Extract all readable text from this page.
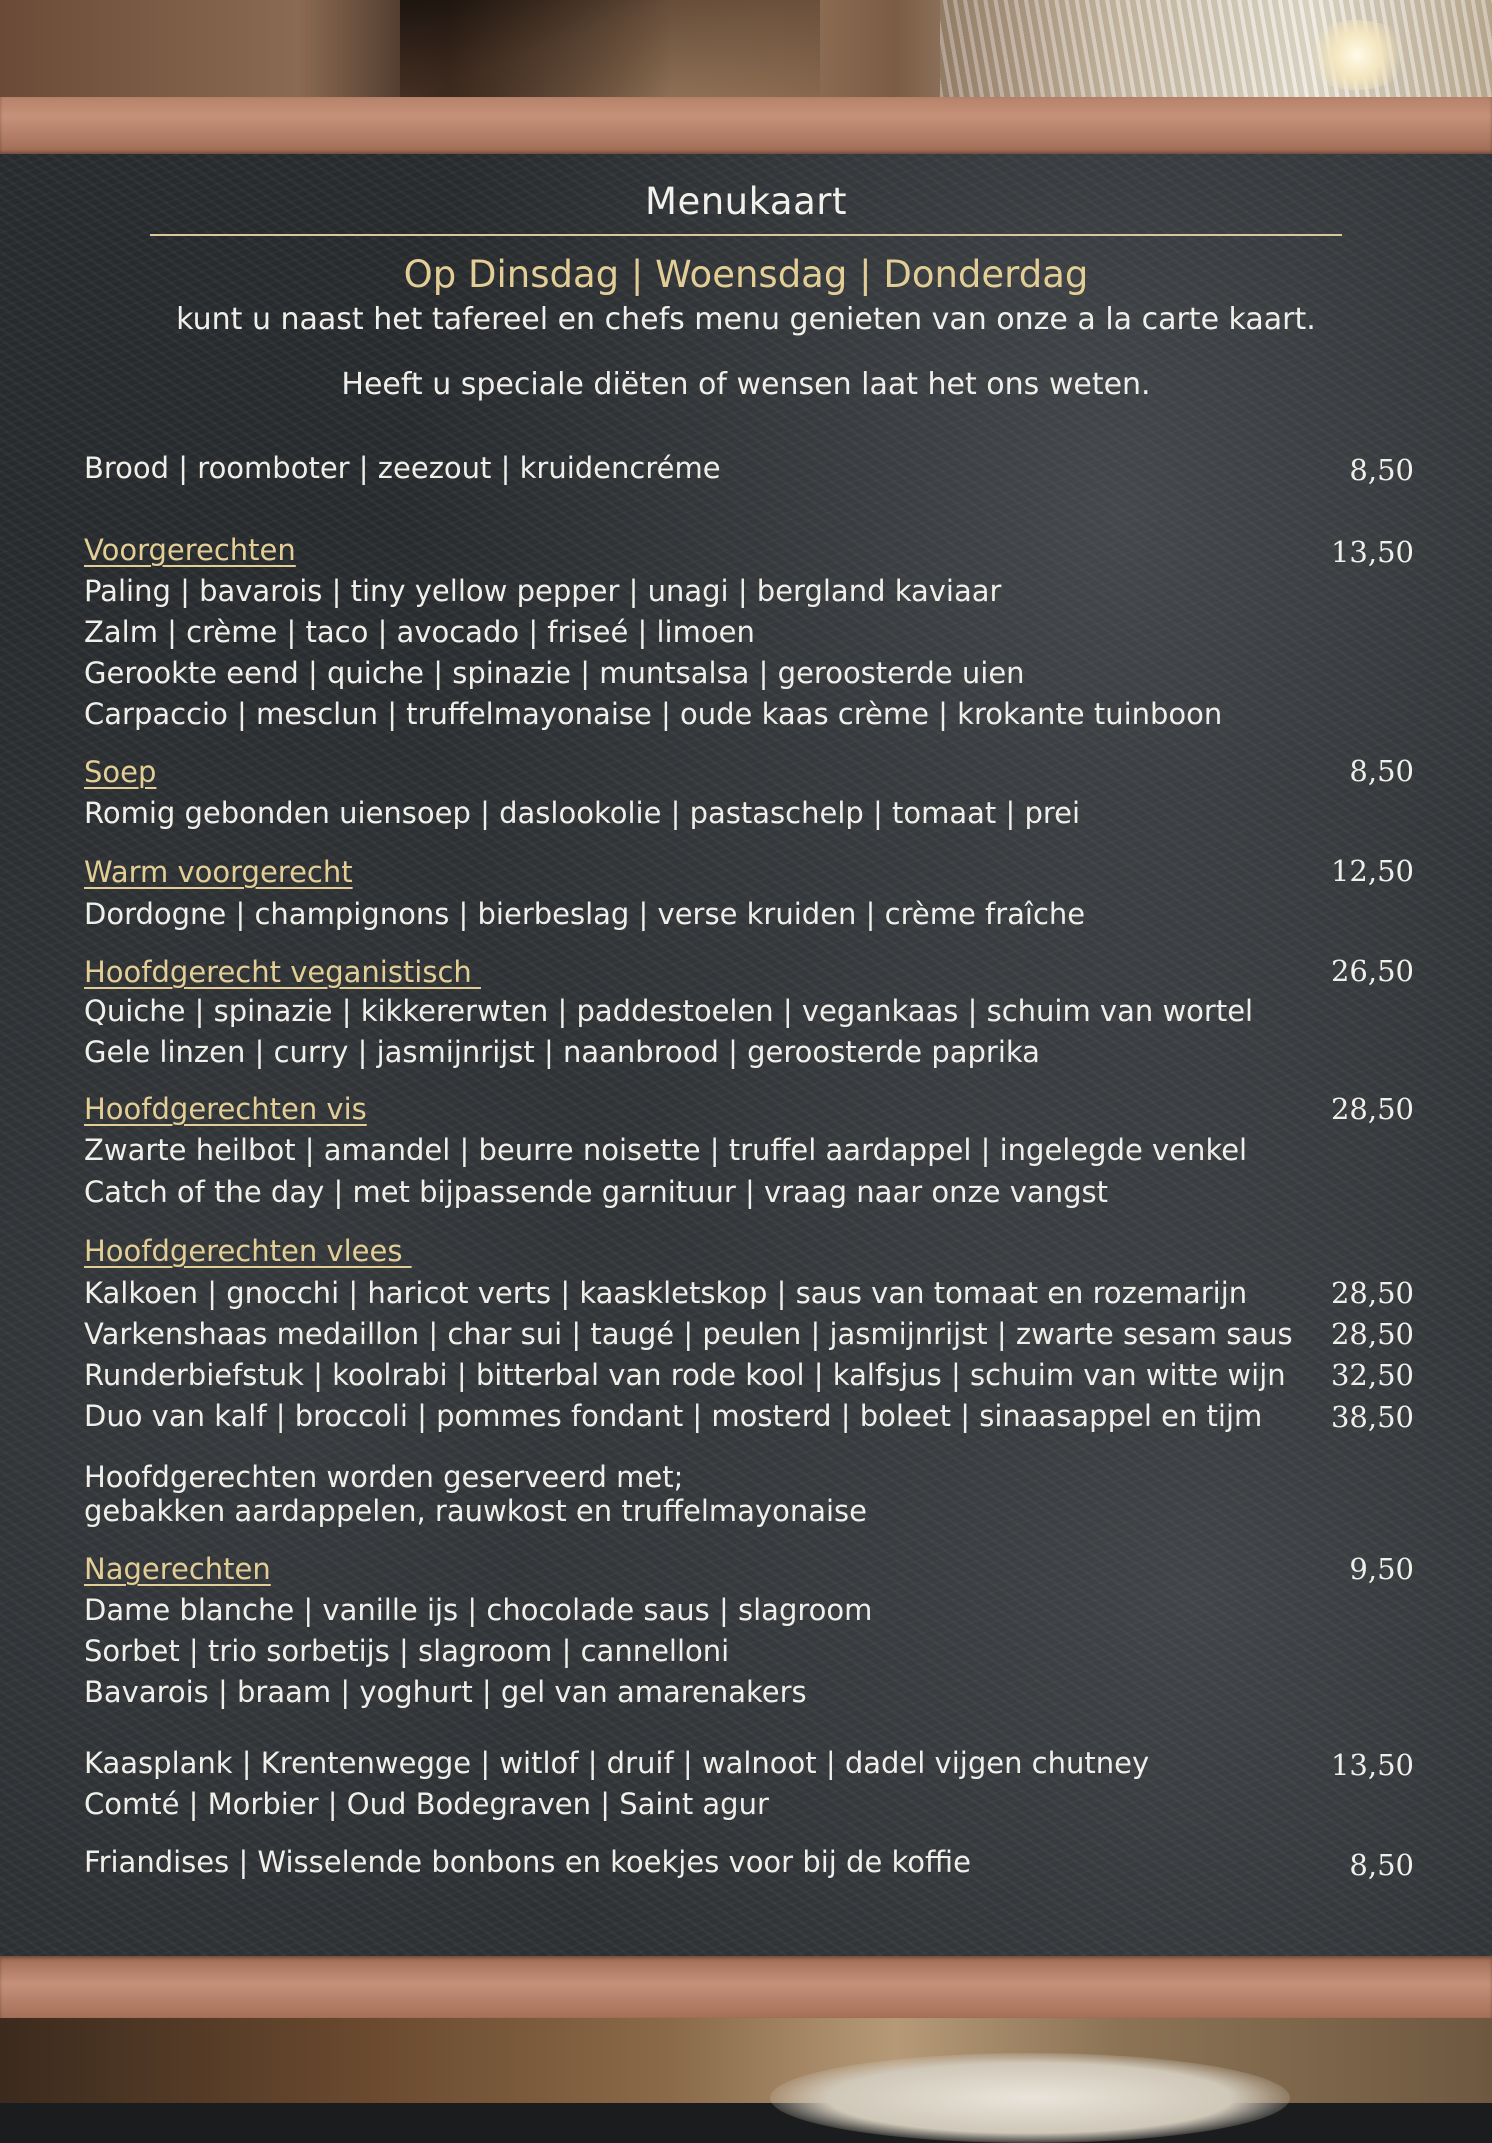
Menukaart
Op Dinsdag | Woensdag | Donderdag
kunt u naast het tafereel en chefs menu genieten van onze a la carte kaart.
Heeft u speciale diëten of wensen laat het ons weten.
Brood | roomboter | zeezout | kruidencréme	8,50
Voorgerechten	13,50
Paling | bavarois | tiny yellow pepper | unagi | bergland kaviaar
Zalm | crème | taco | avocado | friseé | limoen
Gerookte eend | quiche | spinazie | muntsalsa | geroosterde uien
Carpaccio | mesclun | truffelmayonaise | oude kaas crème | krokante tuinboon
Soep	8,50
Romig gebonden uiensoep | daslookolie | pastaschelp | tomaat | prei
Warm voorgerecht	12,50
Dordogne | champignons | bierbeslag | verse kruiden | crème fraîche
Hoofdgerecht veganistisch	26,50
Quiche | spinazie | kikkererwten | paddestoelen | vegankaas | schuim van wortel
Gele linzen | curry | jasmijnrijst | naanbrood | geroosterde paprika
Hoofdgerechten vis	28,50
Zwarte heilbot | amandel | beurre noisette | truffel aardappel | ingelegde venkel
Catch of the day | met bijpassende garnituur | vraag naar onze vangst
Hoofdgerechten vlees
Kalkoen | gnocchi | haricot verts | kaaskletskop | saus van tomaat en rozemarijn	28,50
Varkenshaas medaillon | char sui | taugé | peulen | jasmijnrijst | zwarte sesam saus 28,50
Runderbiefstuk | koolrabi | bitterbal van rode kool | kalfsjus | schuim van witte wijn 32,50
Duo van kalf | broccoli | pommes fondant | mosterd | boleet | sinaasappel en tijm 38,50
Hoofdgerechten worden geserveerd met;
gebakken aardappelen, rauwkost en truffelmayonaise
Nagerechten	9,50
Dame blanche | vanille ijs | chocolade saus | slagroom
Sorbet | trio sorbetijs | slagroom | cannelloni
Bavarois | braam | yoghurt | gel van amarenakers
Kaasplank | Krentenwegge | witlof | druif | walnoot | dadel vijgen chutney	13,50
Comté | Morbier | Oud Bodegraven | Saint agur
Friandises | Wisselende bonbons en koekjes voor bij de koffie	8,50
